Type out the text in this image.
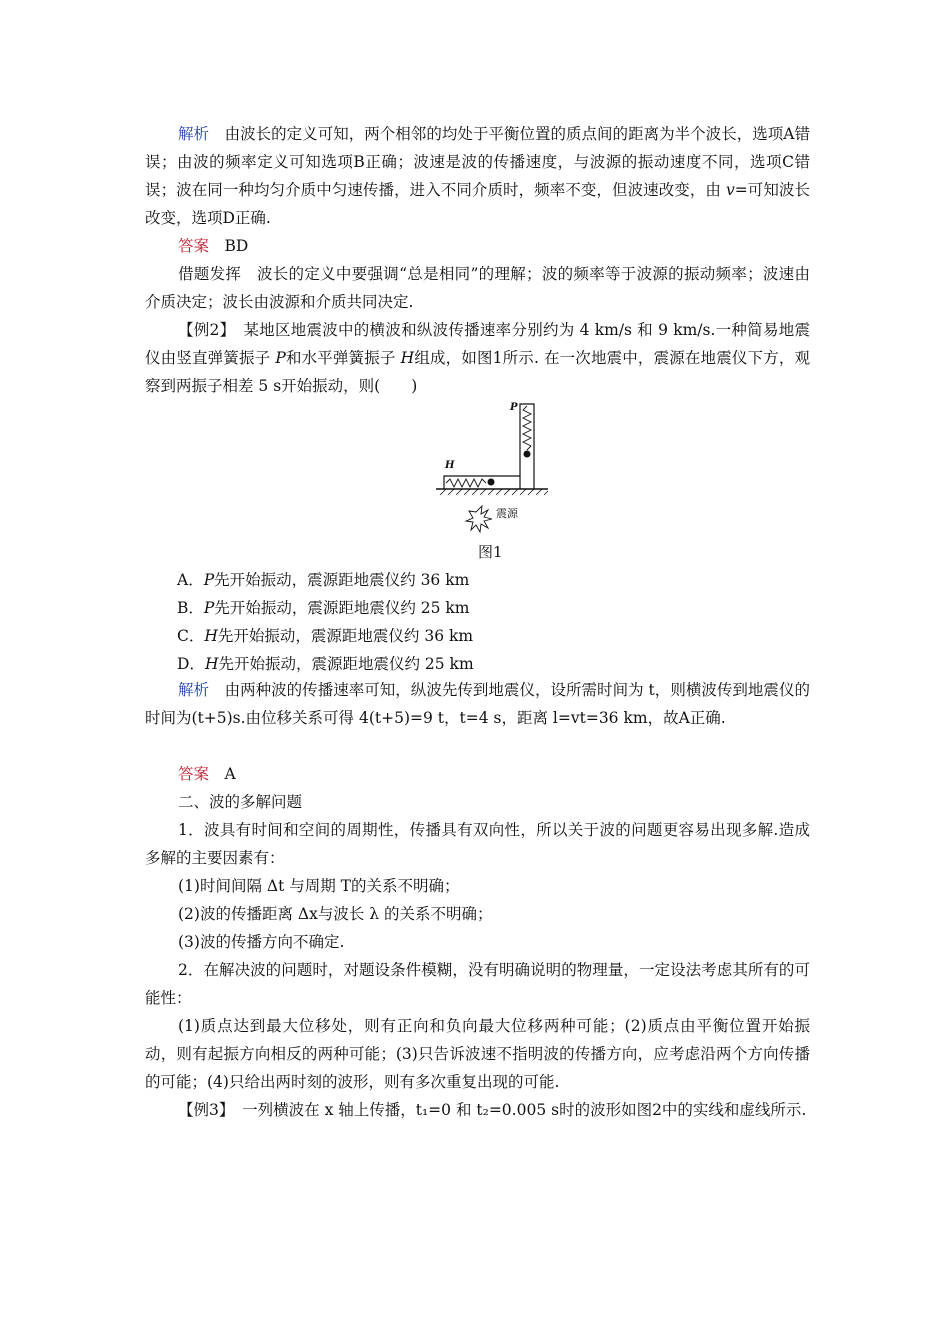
解析　 由波长的定义可知，两个相邻的均处于平衡位置的质点间的距离为半个波长，选项A错误；由波的频率定义可知选项B正确；波速是波的传播速度，与波源的振动速度不同，选项C错误；波在同一种均匀介质中匀速传播，进入不同介质时，频率不变，但波速改变，由 v=可知波长改变，选项D正确.

答案　 BD

借题发挥　 波长的定义中要强调“总是相同”的理解；波的频率等于波源的振动频率；波速由介质决定；波长由波源和介质共同决定.

【例2】　 某地区地震波中的横波和纵波传播速率分别约为 4 km/s 和 9 km/s.一种简易地震仪由竖直弹簧振子 P和水平弹簧振子 H组成，如图1所示. 在一次地震中，震源在地震仪下方，观察到两振子相差 5 s开始振动，则(　　)

P
H
震源
图1

A．P先开始振动，震源距地震仪约 36 km

B．P先开始振动，震源距地震仪约 25 km

C．H先开始振动，震源距地震仪约 36 km

D．H先开始振动，震源距地震仪约 25 km

解析　 由两种波的传播速率可知，纵波先传到地震仪，设所需时间为 t，则横波传到地震仪的时间为(t+5)s.由位移关系可得 4(t+5)=9 t，t=4 s，距离 l=vt=36 km，故A正确.

答案　 A

二、波的多解问题

1．波具有时间和空间的周期性，传播具有双向性，所以关于波的问题更容易出现多解.造成多解的主要因素有：

(1)时间间隔 Δt 与周期 T的关系不明确；

(2)波的传播距离 Δx与波长 λ 的关系不明确；

(3)波的传播方向不确定.

2．在解决波的问题时，对题设条件模糊，没有明确说明的物理量，一定设法考虑其所有的可能性：

(1)质点达到最大位移处，则有正向和负向最大位移两种可能；(2)质点由平衡位置开始振动，则有起振方向相反的两种可能；(3)只告诉波速不指明波的传播方向，应考虑沿两个方向传播的可能；(4)只给出两时刻的波形，则有多次重复出现的可能.

【例3】　 一列横波在 x 轴上传播，t₁=0 和 t₂=0.005 s时的波形如图2中的实线和虚线所示.
